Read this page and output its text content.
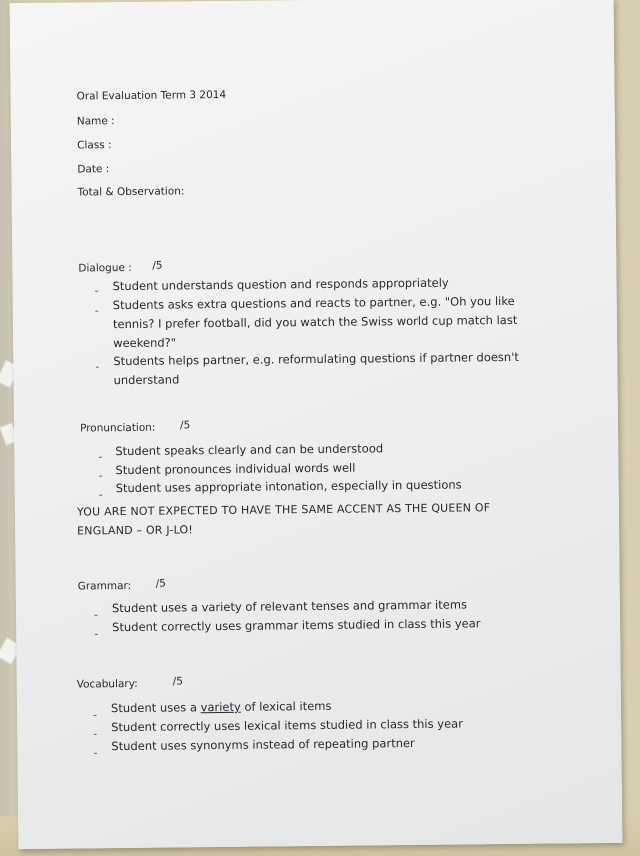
Oral Evaluation Term 3 2014
Name :
Class :
Date :
Total & Observation:
Dialogue : /5
- Student understands question and responds appropriately
- Students asks extra questions and reacts to partner, e.g. "Oh you like
tennis? I prefer football, did you watch the Swiss world cup match last
weekend?"
- Students helps partner, e.g. reformulating questions if partner doesn't
understand
Pronunciation: /5
- Student speaks clearly and can be understood
- Student pronounces individual words well
- Student uses appropriate intonation, especially in questions
YOU ARE NOT EXPECTED TO HAVE THE SAME ACCENT AS THE QUEEN OF
ENGLAND – OR J-LO!
Grammar: /5
- Student uses a variety of relevant tenses and grammar items
- Student correctly uses grammar items studied in class this year
Vocabulary:	/5
- Student uses a variety of lexical items
- Student correctly uses lexical items studied in class this year
- Student uses synonyms instead of repeating partner
